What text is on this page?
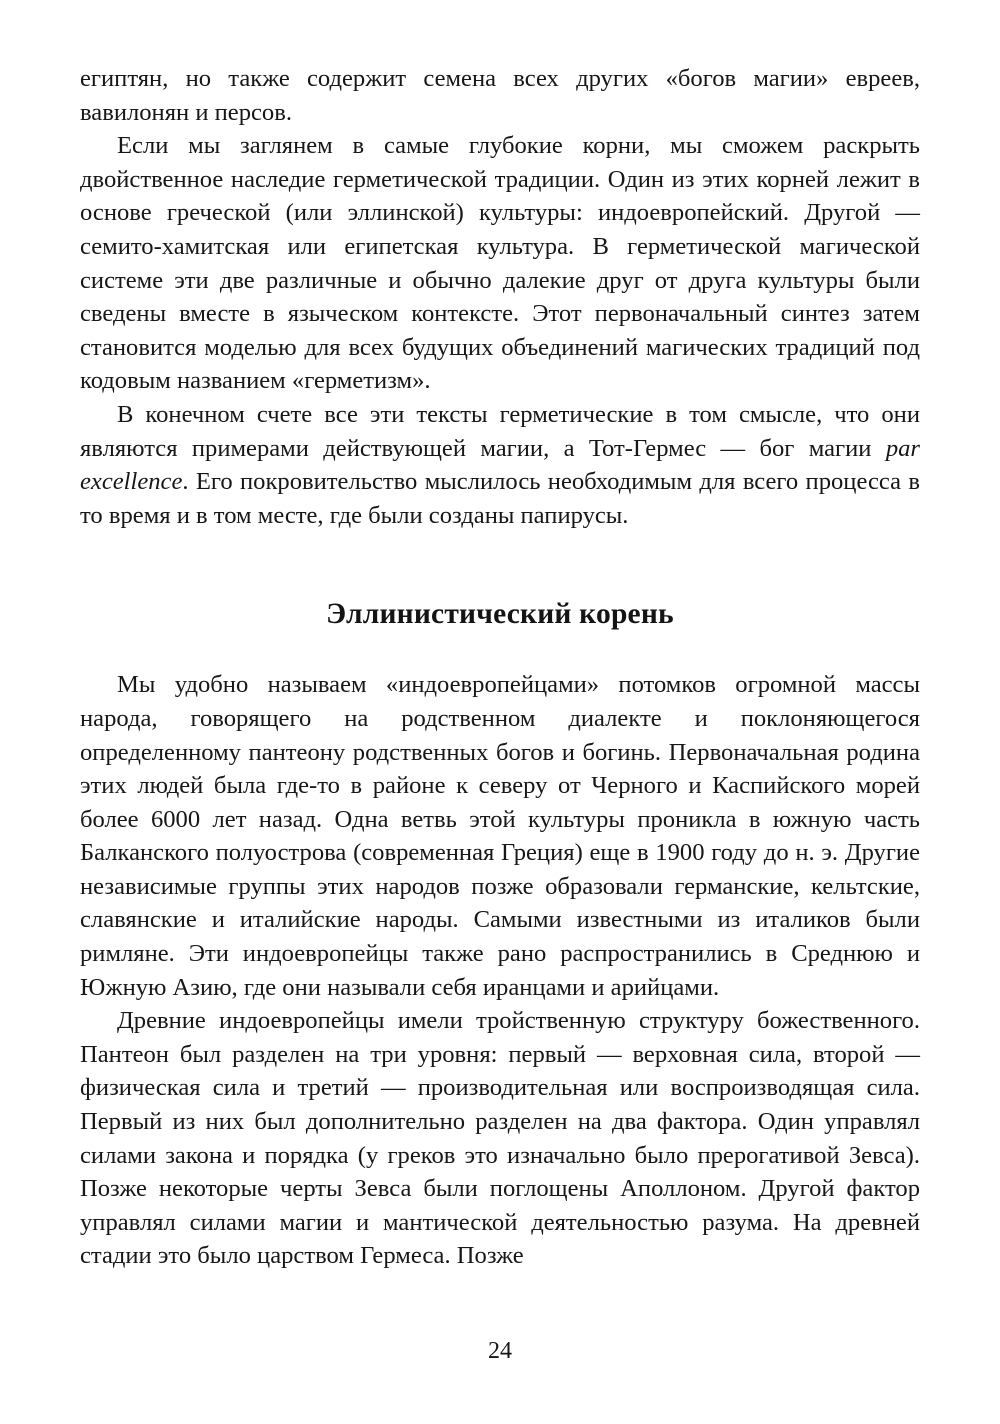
египтян, но также содержит семена всех других «богов магии» евреев, вавилонян и персов.

Если мы заглянем в самые глубокие корни, мы сможем раскрыть двойственное наследие герметической традиции. Один из этих корней лежит в основе греческой (или эллинской) культуры: индоевропейский. Другой — семито-хамитская или египетская культура. В герметической магической системе эти две различные и обычно далекие друг от друга культуры были сведены вместе в языческом контексте. Этот первоначальный синтез затем становится моделью для всех будущих объединений магических традиций под кодовым названием «герметизм».

В конечном счете все эти тексты герметические в том смысле, что они являются примерами действующей магии, а Тот-Гермес — бог магии par excellence. Его покровительство мыслилось необходимым для всего процесса в то время и в том месте, где были созданы папирусы.

Эллинистический корень

Мы удобно называем «индоевропейцами» потомков огромной массы народа, говорящего на родственном диалекте и поклоняющегося определенному пантеону родственных богов и богинь. Первоначальная родина этих людей была где-то в районе к северу от Черного и Каспийского морей более 6000 лет назад. Одна ветвь этой культуры проникла в южную часть Балканского полуострова (современная Греция) еще в 1900 году до н. э. Другие независимые группы этих народов позже образовали германские, кельтские, славянские и италийские народы. Самыми известными из италиков были римляне. Эти индоевропейцы также рано распространились в Среднюю и Южную Азию, где они называли себя иранцами и арийцами.

Древние индоевропейцы имели тройственную структуру божественного. Пантеон был разделен на три уровня: первый — верховная сила, второй — физическая сила и третий — производительная или воспроизводящая сила. Первый из них был дополнительно разделен на два фактора. Один управлял силами закона и порядка (у греков это изначально было прерогативой Зевса). Позже некоторые черты Зевса были поглощены Аполлоном. Другой фактор управлял силами магии и мантической деятельностью разума. На древней стадии это было царством Гермеса. Позже

24
